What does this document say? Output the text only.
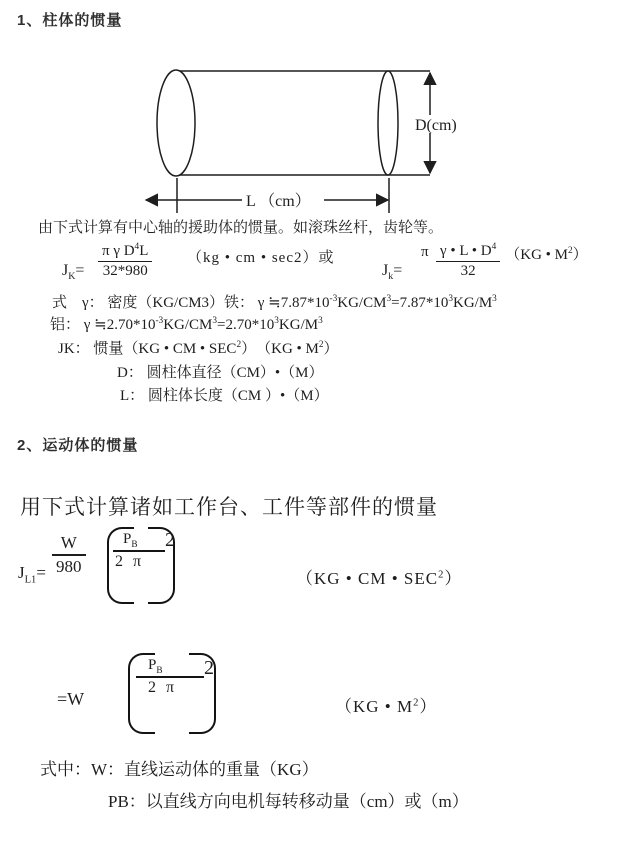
1、柱体的惯量
D(cm)
L （cm）
由下式计算有中心轴的援助体的惯量。如滚珠丝杆，齿轮等。
$J_K= \frac{\pi \gamma D^4L}{32*980} (kg$ • cm • sec2）或
$J_k=$
π $\frac{\gamma • L • D^4}{32} (KG$ • $M^2$）
式　γ： 密度（KG/CM3）铁： γ $≒7.87*10^{-3}KG/CM^3=7.87*10^3KG/M^3$
铝： γ $≒2.70*10^{-3}KG/CM^3=2.70*10^3KG/M^3$
JK： 惯量（KG • CM • SEC$^2$）　（KG • $M^2$）
D： 圆柱体直径（CM）•（M）
L： 圆柱体长度（CM ）•（M）
2、运动体的惯量
用下式计算诸如工作台、工件等部件的惯量
$J_{L1}= \frac{W}{980}$	$P_B$
2 π
2
（KG • CM • $SEC^2$）
=W
$P_B$
2 π
2
（KG • $M^2$）
式中：W：直线运动体的重量（KG）
PB：以直线方向电机每转移动量（cm）或（m）
